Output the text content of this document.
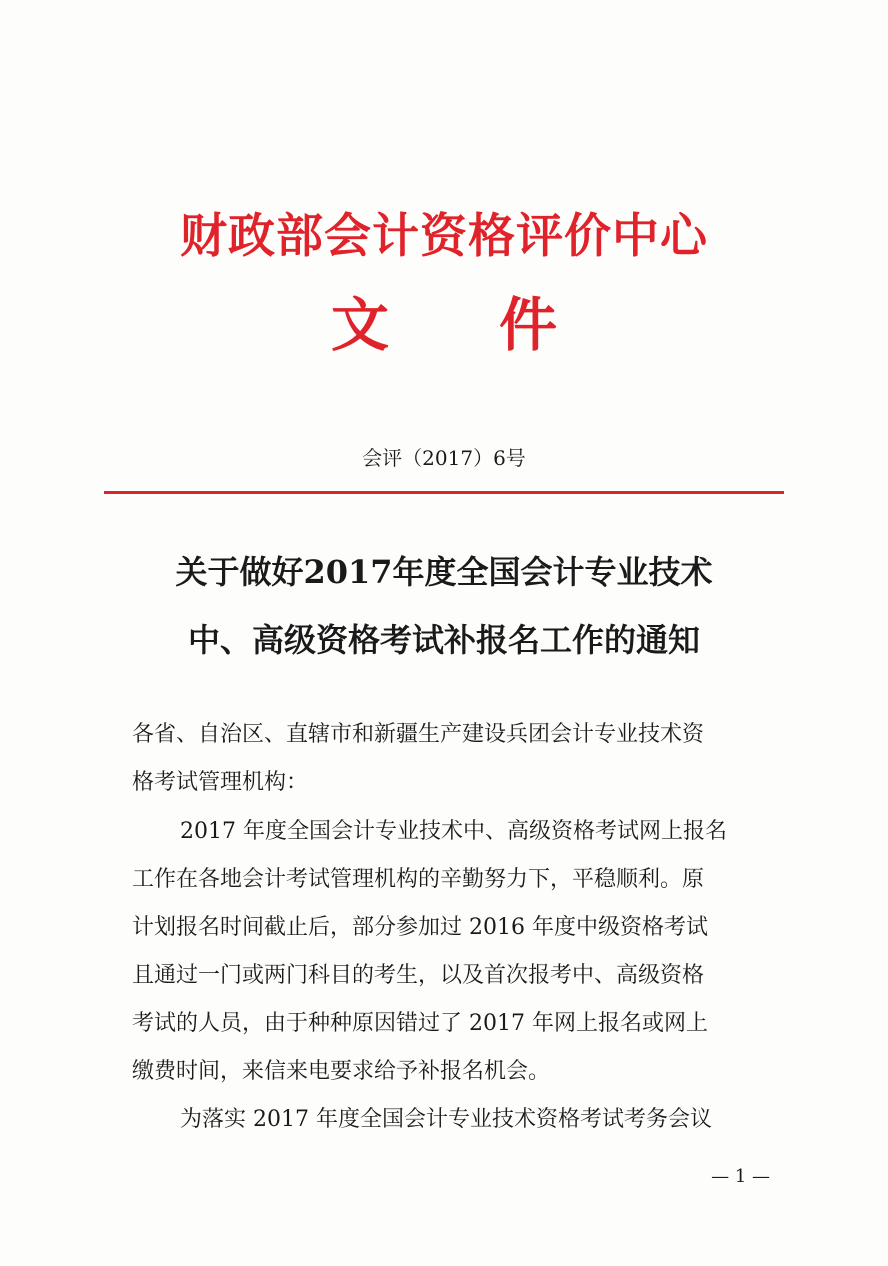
财政部会计资格评价中心
文 件
会评（2017）6号
关于做好2017年度全国会计专业技术
中、高级资格考试补报名工作的通知
各省、自治区、直辖市和新疆生产建设兵团会计专业技术资
格考试管理机构：
2017 年度全国会计专业技术中、高级资格考试网上报名
工作在各地会计考试管理机构的辛勤努力下，平稳顺利。原
计划报名时间截止后，部分参加过 2016 年度中级资格考试
且通过一门或两门科目的考生，以及首次报考中、高级资格
考试的人员，由于种种原因错过了 2017 年网上报名或网上
缴费时间，来信来电要求给予补报名机会。
为落实 2017 年度全国会计专业技术资格考试考务会议
— 1 —
